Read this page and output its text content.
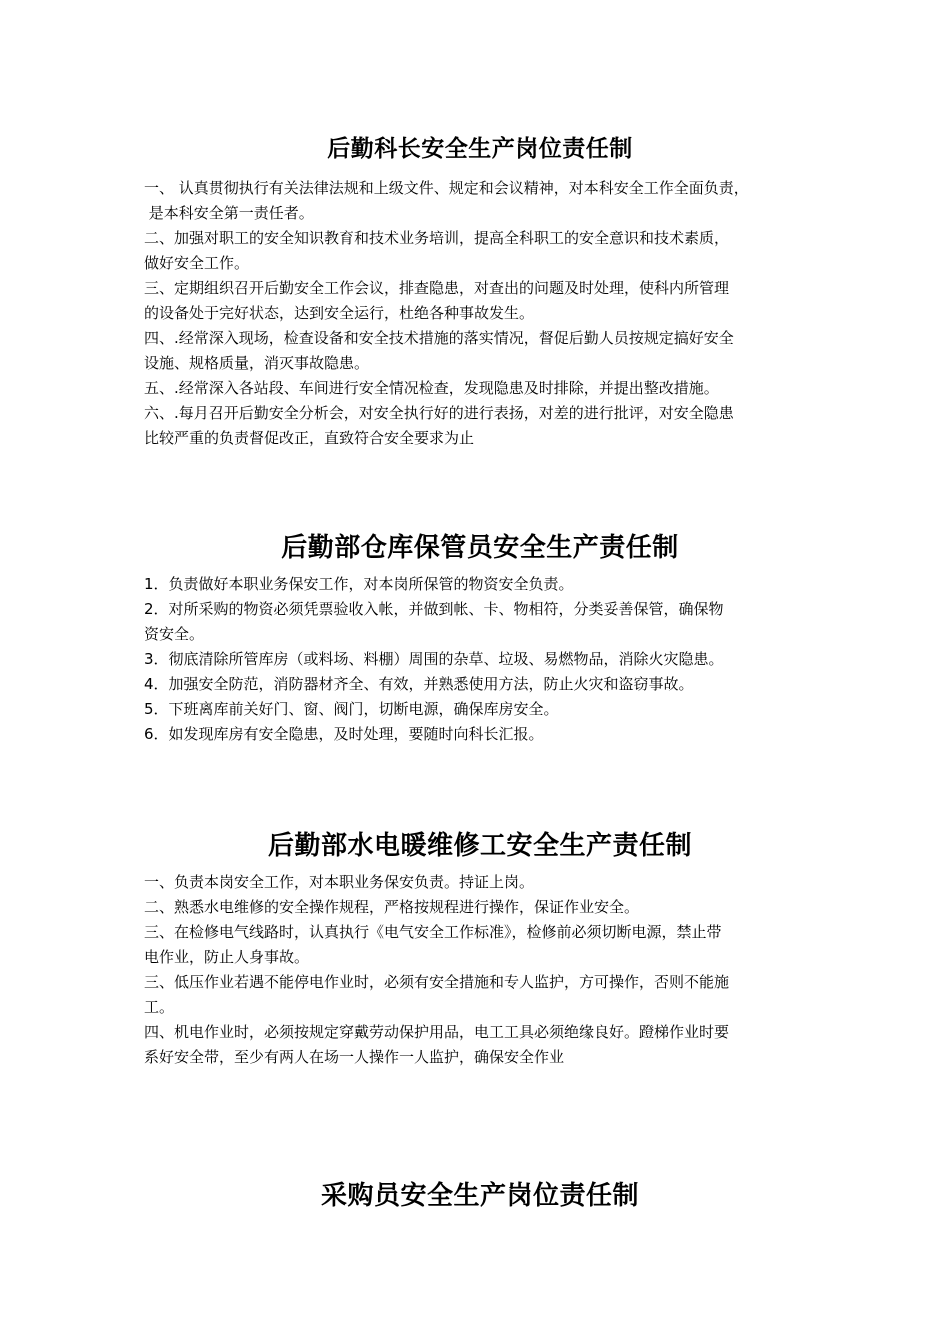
后勤科长安全生产岗位责任制

一、 认真贯彻执行有关法律法规和上级文件、规定和会议精神，对本科安全工作全面负责，

是本科安全第一责任者。

二、加强对职工的安全知识教育和技术业务培训，提高全科职工的安全意识和技术素质，

做好安全工作。

三、定期组织召开后勤安全工作会议，排查隐患，对查出的问题及时处理，使科内所管理

的设备处于完好状态，达到安全运行，杜绝各种事故发生。

四、.经常深入现场，检查设备和安全技术措施的落实情况，督促后勤人员按规定搞好安全

设施、规格质量，消灭事故隐患。

五、.经常深入各站段、车间进行安全情况检查，发现隐患及时排除，并提出整改措施。

六、.每月召开后勤安全分析会，对安全执行好的进行表扬，对差的进行批评，对安全隐患

比较严重的负责督促改正，直致符合安全要求为止

后勤部仓库保管员安全生产责任制

1．负责做好本职业务保安工作，对本岗所保管的物资安全负责。

2．对所采购的物资必须凭票验收入帐，并做到帐、卡、物相符，分类妥善保管，确保物

资安全。

3．彻底清除所管库房（或料场、料棚）周围的杂草、垃圾、易燃物品，消除火灾隐患。

4．加强安全防范，消防器材齐全、有效，并熟悉使用方法，防止火灾和盗窃事故。

5．下班离库前关好门、窗、阀门，切断电源，确保库房安全。

6．如发现库房有安全隐患，及时处理，要随时向科长汇报。

后勤部水电暖维修工安全生产责任制

一、负责本岗安全工作，对本职业务保安负责。持证上岗。

二、熟悉水电维修的安全操作规程，严格按规程进行操作，保证作业安全。

三、在检修电气线路时，认真执行《电气安全工作标准》，检修前必须切断电源，禁止带

电作业，防止人身事故。

三、低压作业若遇不能停电作业时，必须有安全措施和专人监护，方可操作，否则不能施

工。

四、机电作业时，必须按规定穿戴劳动保护用品，电工工具必须绝缘良好。蹬梯作业时要

系好安全带，至少有两人在场一人操作一人监护，确保安全作业

采购员安全生产岗位责任制
